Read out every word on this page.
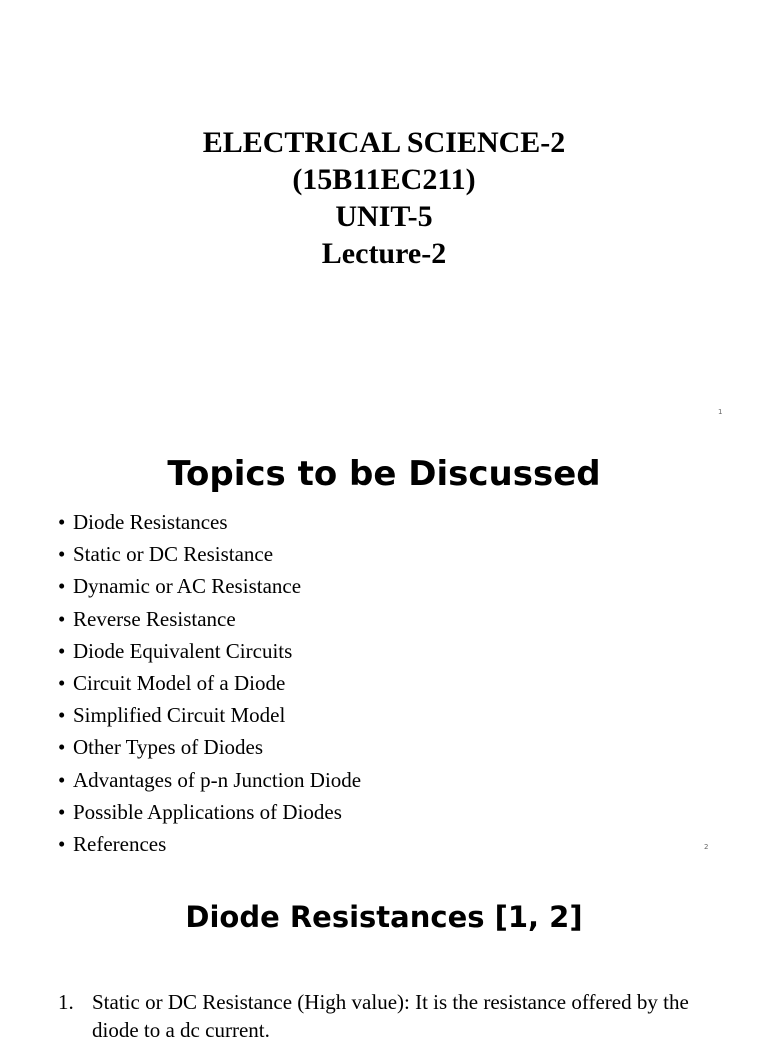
ELECTRICAL SCIENCE-2
(15B11EC211)
UNIT-5
Lecture-2
1
Topics to be Discussed
• Diode Resistances
• Static or DC Resistance
• Dynamic or AC Resistance
• Reverse Resistance
• Diode Equivalent Circuits
• Circuit Model of a Diode
• Simplified Circuit Model
• Other Types of Diodes
• Advantages of p-n Junction Diode
• Possible Applications of Diodes
• References	2
Diode Resistances [1, 2]
1. Static or DC Resistance (High value): It is the resistance offered by the
diode to a dc current.
